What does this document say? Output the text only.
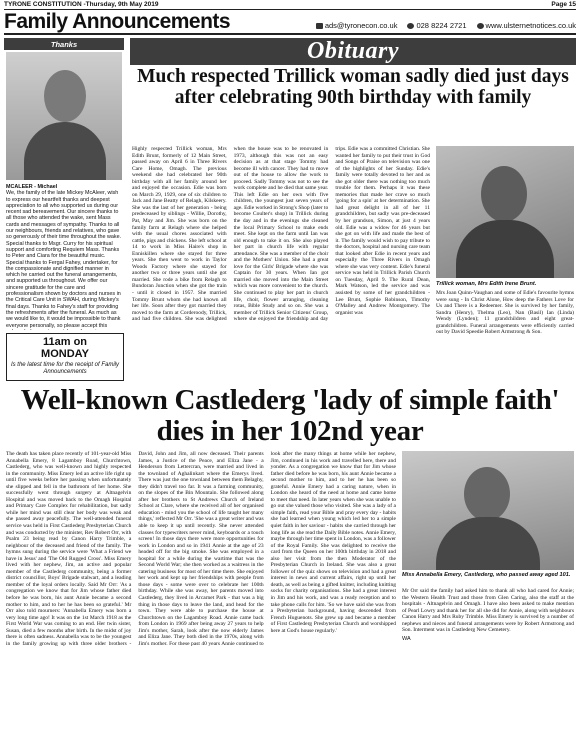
TYRONE CONSTITUTION -Thursday, 9th May 2019	Page 15
Family Announcements	ads@tyronecon.co.uk	028 8224 2721	www.ulsternetnotices.co.uk
Thanks
MCALEER - Michael
We, the family of the late Mickey McAleer, wish to express our heartfelt thanks and deepest appreciation to all who supported us during our recent sad bereavement. Our sincere thanks to all those who attended the wake, sent Mass cards and messages of sympathy. Thanks to all our neighbours, friends and relatives, who gave so generously of their time throughout the wake. Special thanks to Msgr. Curry for his spiritual support and comforting Requiem Mass. Thanks to Peter and Ciara for the beautiful music. Special thanks to Fergal Fahey, undertaker, for the compassionate and dignified manner in which he carried out the funeral arrangements, and supported us throughout. We offer our sincere gratitude for the care and professionalism shown by doctors and nurses in the Critical Care Unit in SWAH, during Mickey's final days. Thanks to Fahey's staff for providing the refreshments after the funeral. As much as we would like to, it would be impossible to thank everyone personally, so please accept this
11am on
MONDAY
Is the latest time for the receipt of Family Announcements
Obituary
Much respected Trillick woman sadly died just days after celebrating 90th birthday with family
Highly respected Trillick woman, Mrs Edith Brunt, formerly of 12 Main Street, passed away on April 6 in Three Rivers Care Home, Omagh. The previous weekend she had celebrated her 90th birthday with all her family around her and enjoyed the occasion. Edie was born on March 29, 1929, one of six children to Jack and Jane Beatty of Relagh, Kilskeery. She was the last of her generation - being predeceased by siblings - Willie, Dorothy, Pat, May and Jim. She was born on the family farm at Relagh where she helped with the usual chores associated with cattle, pigs and chickens. She left school at 14 to work in Miss Haire's shop in Enniskillen where she stayed for three years. She then went to work in Taylor Woods Factory where she stayed for another two or three years until she got married. She rode a bike from Relagh to Bundoran Junction when she got the train - until it closed in 1957. She married Tommy Brunt whom she had known all her life. Soon after they got married they moved to the farm at Corderoody, Trillick, and had five children. She was delighted when the house was to be renovated in 1973, although this was not an easy decision as at that stage Tommy had become ill with cancer. They had to move out of the house to allow the work to proceed. Sadly Tommy was not to see the work complete and he died that same year. This left Edie on her own with five children, the youngest just seven years of age. Edie worked in Strong's Shop (later to become Coulter's shop) in Trillick during the day and in the evenings she cleaned the local Primary School to make ends meet. She kept on the farm until Ian was old enough to take it on. She also played her part in church life with regular attendance. She was a member of the choir and the Mothers' Union. She had a great love for the Girls' Brigade where she was Captain for 30 years. When Ian got married she moved into the Main Street which was more convenient to the church. She continued to play her part in church life, choir, flower arranging, cleaning rotas, Bible Study and so on. She was a member of Trillick Senior Citizens' Group, where she enjoyed the friendship and day trips. Edie was a committed Christian. She wanted her family to put their trust in God and Songs of Praise on television was one of the highlights of her Sunday. Edie's family were totally devoted to her and as she got older there was nothing too much trouble for them. Perhaps it was these memories that made her crave so much 'going for a spin' at her determination. She had great delight in all of her 11 grandchildren, but sadly was pre-deceased by her grandson, Simon, at just 4 years old. Edie was a widow for 46 years but she got on with life and made the best of it. The family would wish to pay tribute to the doctors, hospital and nursing care team that looked after Edie in recent years and especially the Three Rivers in Omagh where she was very content. Edie's funeral service was held in Trillick Parish Church on Tuesday, April 9. The Rural Dean, Mark Watson, led the service and was assisted by some of her grandchildren - Lee Brunt, Sophie Robinson, Timothy O'Malley and Andrew Montgomery. The organist was
Trillick woman, Mrs Edith Irene Brunt.
Mrs Joan Quinn-Vaughan and some of Edie's favourite hymns were sung - In Christ Alone, How deep the Fathers Love for Us and There is a Redeemer. She is survived by her family, Sandra (Henry), Thelma (Leo), Nan (Basil) Ian (Linda) Wendy (Lynden); 11 grandchildren and eight great-grandchildren. Funeral arrangements were efficiently carried out by David Speedie Robert Armstrong & Son.
Well-known Castlederg 'lady of simple faith' dies in her 102nd year
The death has taken place recently of 101-year-old Miss Annabella Emery, 8 Lagamboy Road, Churchtown, Castlederg, who was well-known and highly respected in the community. Miss Emery led an active life right up until five weeks before her passing when unfortunately she slipped and fell in the bathroom of her home. She successfully went through surgery at Altnagelvin Hospital and was moved back to the Omagh Hospital and Primary Care Complex for rehabilitation, but sadly while her mind was still clear her body was weak and she passed away peacefully. The well-attended funeral service was held in First Castlederg Presbyterian Church and was conducted by the minister, Rev Robert Orr, with Psalm 23 being read by Canon Harry Trimble, a neighbour of the deceased and friend of the family. The hymns sung during the service were 'What a Friend we have in Jesus' and 'The Old Rugged Cross'. Miss Emery lived with her nephew, Jim, an active and popular member of the Castlederg community, being a former district councillor, Boys' Brigade stalwart, and a leading member of the loyal orders locally. Said Mr Orr: 'As a congregation we know that for Jim whose father died before he was born, his aunt Annie became a second mother to him, and to her he has been so grateful.' Mr Orr also told mourners: 'Annabella Emery was born a very long time ago! It was on the 1st March 1918 as the First World War was coming to an end. Her twin sister, Susan, died a few months after birth. In the midst of joy there is often sadness. Annabella was to be the youngest in the family growing up with three older brothers - David, John and Jim, all now deceased. Their parents James, a Justice of the Peace, and Eliza Jane - a Henderson from Lettercran, were married and lived in the townland of Aghalinkart where the Emerys lived. There was just the one townland between them Belaghy, they didn't travel too far. It was a farming community, on the slopes of the Bin Mountain. She followed along after her brothers to St Andrews Church of Ireland School at Clare, where she received all of her organised education - mind you the school of life taught her many things,' reflected Mr Orr. 'She was a great writer and was able to keep it up until recently. She never attended classes for typewriters never mind, keyboards or a touch screen! In those days there were more opportunities for work in London and so in 1941 Annie at the age of 23 headed off for the big smoke. She was employed in a hospital for a while during the wartime that was the Second World War; she then worked as a waitress in the catering business for most of her time there. She enjoyed her work and kept up her friendships with people from those days - some were over to celebrate her 100th birthday. While she was away, her parents moved into Castlederg, they lived in Arcarnet Park - that was a big thing in those days to leave the land, and head for the town. They were able to purchase the house at Churchtown on the Lagamboy Road. Annie came back from London in 1969 after being away 27 years to help Jim's mother, Sarah, look after the now elderly James and Eliza Jane. They both died in the 1970s, along with Jim's mother. For these past 40 years Annie continued to look after the many things at home while her nephew, Jim, continued in his work and travelled here, there and yonder. As a congregation we know that for Jim whose father died before he was born, his aunt Annie became a second mother to him, and to her he has been so grateful. Annie Emery had a caring nature, when in London she heard of the need at home and came home to meet that need. In later years when she was unable to go out she valued those who visited. She was a lady of a simple faith, read your Bible and pray every day - habits she had learned when young which led her to a simple quiet faith in her saviour - habits she carried through her long life as she read the Daily Bible notes. Annie Emery, maybe through her time spent in London, was a follower of the Royal Family. She was delighted to receive the card from the Queen on her 100th birthday in 2018 and also her visit from the then Moderator of the Presbyterian Church in Ireland. She was also a great follower of the quiz shows on television and had a great interest in news and current affairs, right up until her death, as well as being a gifted knitter, including knitting socks for charity organisations. She had a great interest in Jim and his work, and was a ready reception and to take phone calls for him. 'So we have said she was from a Presbyterian background, having descended from French Huguenots. She grew up and became a member of First Castlederg Presbyterian Church and worshipped here at God's house regularly.'
Miss Annabella Emery, Castlederg, who passed away aged 101.
Mr Orr said the family had asked him to thank all who had cared for Annie; the Western Health Trust and those from Glen Caring, also the staff at the hospitals - Altnagelvin and Omagh. I have also been asked to make mention of Pearl Lowry and thank her for all she did for Annie, along with neighbours Canon Harry and Mrs Ruby Trimble. Miss Emery is survived by a number of nephews and nieces and funeral arrangements were by Robert Armstrong and Son. Interment was in Castlederg New Cemetery.
WA
